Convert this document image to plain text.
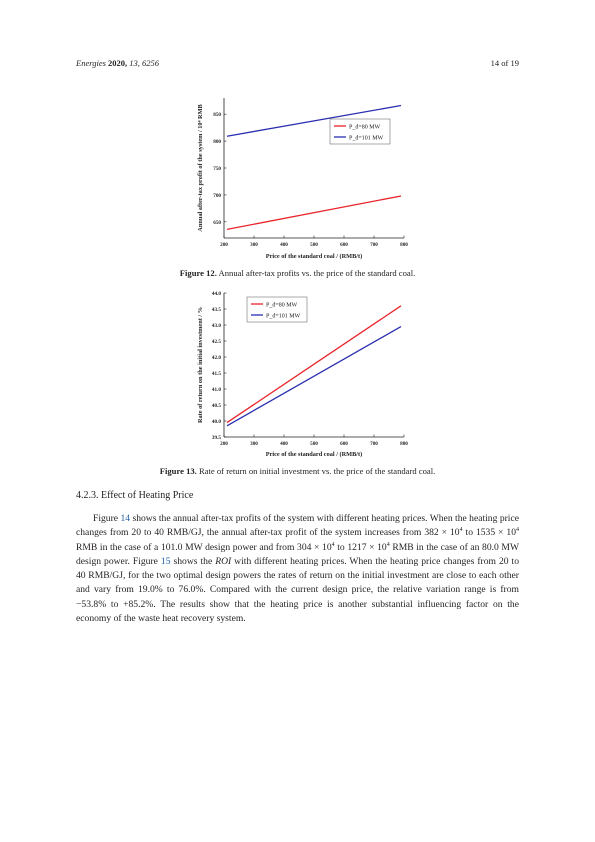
Energies 2020, 13, 6256	14 of 19
200	300	400	500	600	700	800
650
700
750
800
850
P_d=80 MW
P_d=101 MW
Price of the standard coal / (RMB/t)
Annual after-tax profit of the system / 10⁴ RMB
Figure 12. Annual after-tax profits vs. the price of the standard coal.
200	300	400	500	600	700	800
39.5
40.0
40.5
41.0
41.5
42.0
42.5
43.0
43.5
44.0
P_d=80 MW
P_d=101 MW
Price of the standard coal / (RMB/t)
Rate of return on the initial investment / %
Figure 13. Rate of return on initial investment vs. the price of the standard coal.
4.2.3. Effect of Heating Price

Figure 14 shows the annual after-tax profits of the system with different heating prices. When the heating price changes from 20 to 40 RMB/GJ, the annual after-tax profit of the system increases from $382 \times 10^4$ to $1535 \times 10^4$ RMB in the case of a 101.0 MW design power and from $304 \times 10^4$ to $1217 \times 10^4$ RMB in the case of an 80.0 MW design power. Figure 15 shows the ROI with different heating prices. When the heating price changes from 20 to 40 RMB/GJ, for the two optimal design powers the rates of return on the initial investment are close to each other and vary from 19.0% to 76.0%. Compared with the current design price, the relative variation range is from −53.8% to +85.2%. The results show that the heating price is another substantial influencing factor on the economy of the waste heat recovery system.
